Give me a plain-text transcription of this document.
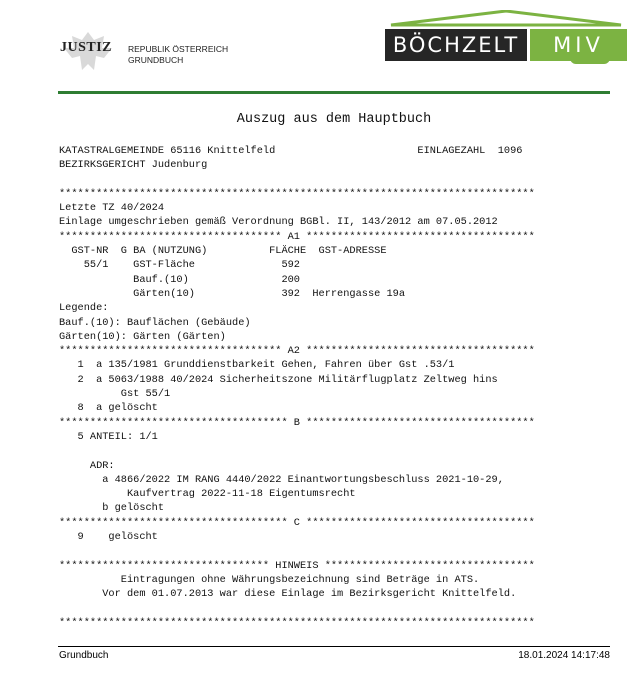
JUSTIZ REPUBLIK ÖSTERREICH
GRUNDBUCH
BÖCHZELT	MIV
Auszug aus dem Hauptbuch
KATASTRALGEMEINDE 65116 Knittelfeld                       EINLAGEZAHL  1096
BEZIRKSGERICHT Judenburg
*****************************************************************************
Letzte TZ 40/2024
Einlage umgeschrieben gemäß Verordnung BGBl. II, 143/2012 am 07.05.2012
************************************ A1 *************************************
GST-NR  G BA (NUTZUNG)          FLÄCHE  GST-ADRESSE
55/1    GST-Fläche              592
Bauf.(10)               200
Gärten(10)              392  Herrengasse 19a
Legende:
Bauf.(10): Bauflächen (Gebäude)
Gärten(10): Gärten (Gärten)
************************************ A2 *************************************
1  a 135/1981 Grunddienstbarkeit Gehen, Fahren über Gst .53/1
2  a 5063/1988 40/2024 Sicherheitszone Militärflugplatz Zeltweg hins
Gst 55/1
8  a gelöscht
************************************* B *************************************
5 ANTEIL: 1/1
ADR:
a 4866/2022 IM RANG 4440/2022 Einantwortungsbeschluss 2021-10-29,
Kaufvertrag 2022-11-18 Eigentumsrecht
b gelöscht
************************************* C *************************************
9    gelöscht
********************************** HINWEIS **********************************
Eintragungen ohne Währungsbezeichnung sind Beträge in ATS.
Vor dem 01.07.2013 war diese Einlage im Bezirksgericht Knittelfeld.
*****************************************************************************
Grundbuch	18.01.2024 14:17:48
